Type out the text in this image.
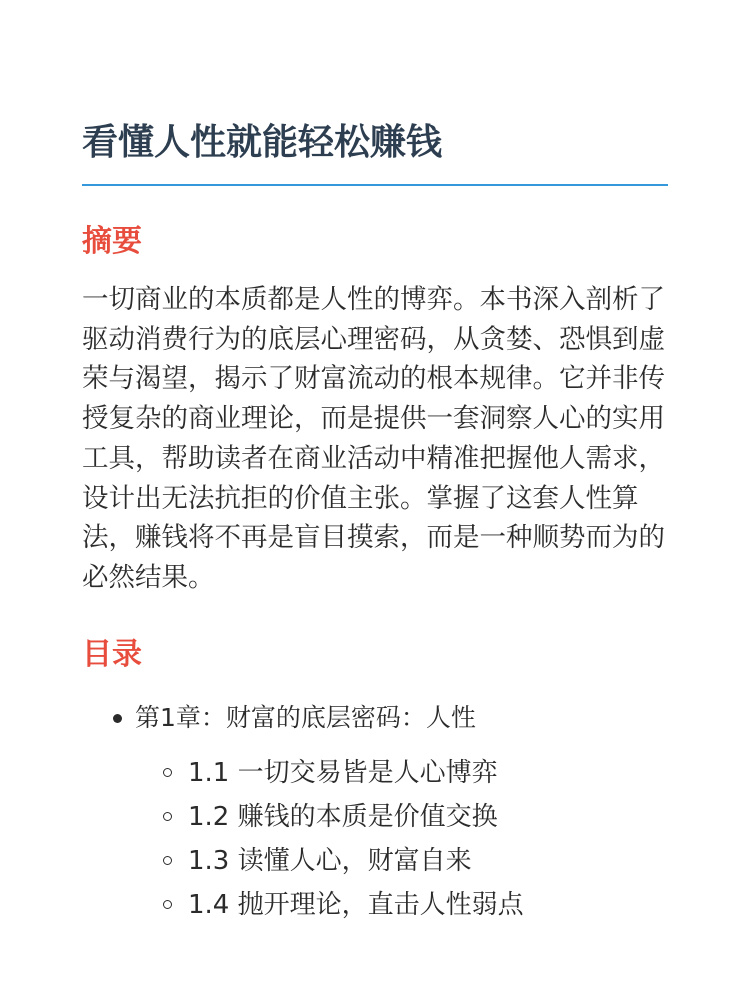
看懂人性就能轻松赚钱
摘要

一切商业的本质都是人性的博弈。本书深入剖析了驱动消费行为的底层心理密码，从贪婪、恐惧到虚荣与渴望，揭示了财富流动的根本规律。它并非传授复杂的商业理论，而是提供一套洞察人心的实用工具，帮助读者在商业活动中精准把握他人需求，设计出无法抗拒的价值主张。掌握了这套人性算法，赚钱将不再是盲目摸索，而是一种顺势而为的必然结果。

目录
第1章：财富的底层密码：人性
1.1 一切交易皆是人心博弈
1.2 赚钱的本质是价值交换
1.3 读懂人心，财富自来
1.4 抛开理论，直击人性弱点
